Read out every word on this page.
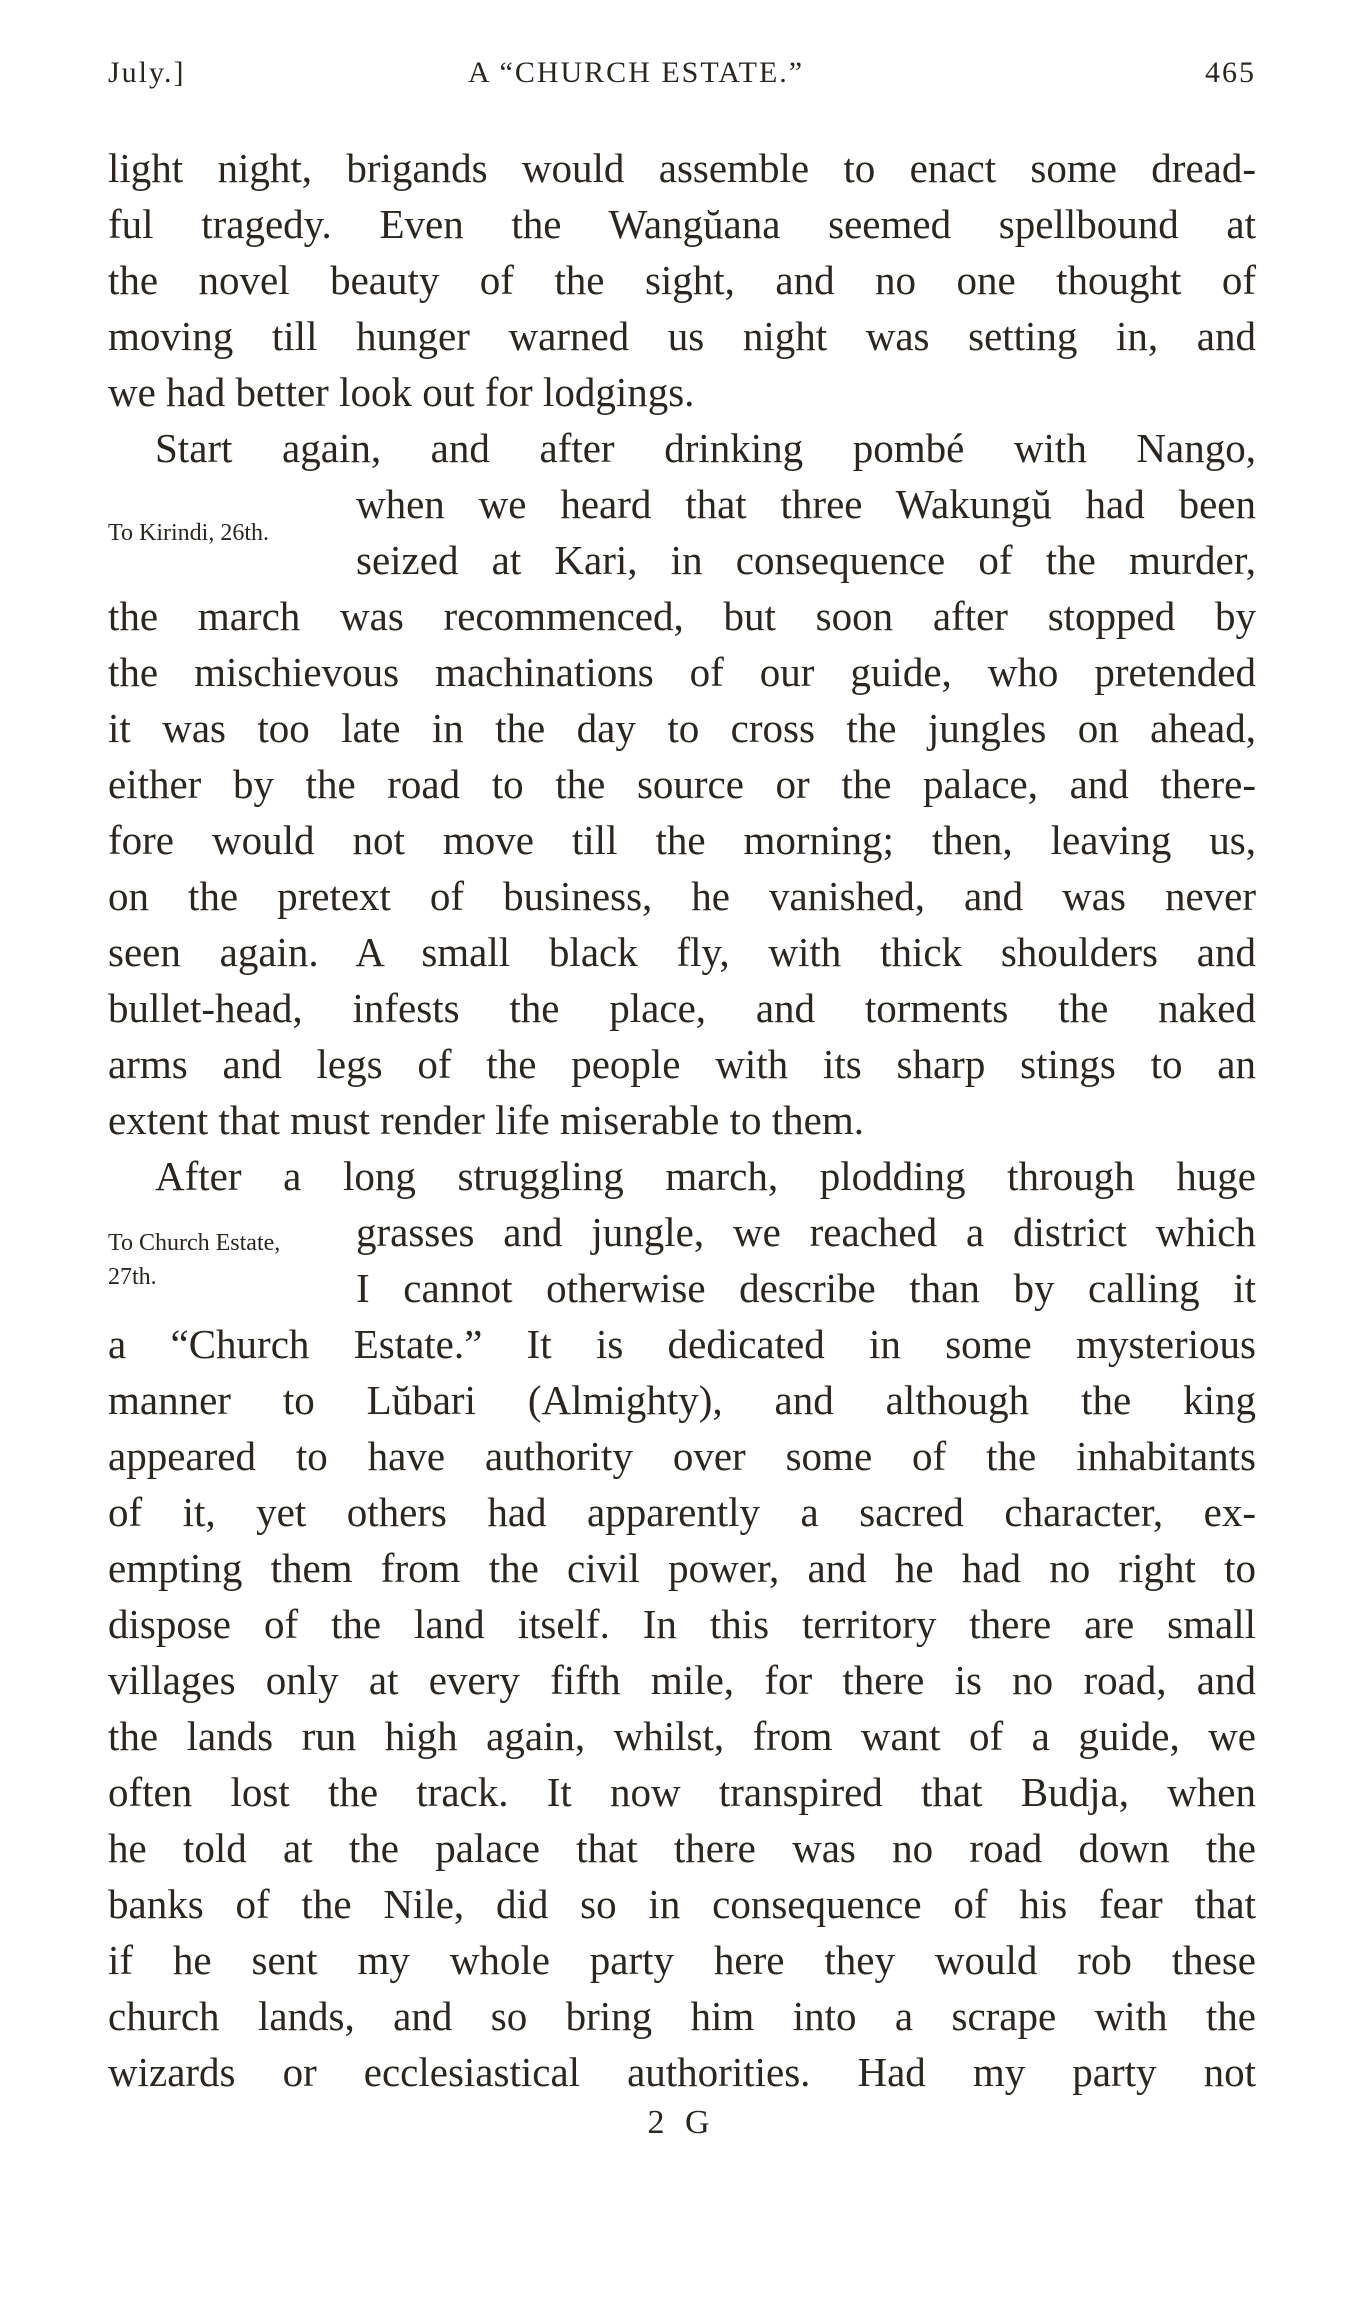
July.]	A “CHURCH ESTATE.”	465
light night, brigands would assemble to enact some dread-
ful tragedy. Even the Wangŭana seemed spellbound at
the novel beauty of the sight, and no one thought of
moving till hunger warned us night was setting in, and
we had better look out for lodgings.
Start again, and after drinking pombé with Nango,
when we heard that three Wakungŭ had been
To Kirindi, 26th.
seized at Kari, in consequence of the murder,
the march was recommenced, but soon after stopped by
the mischievous machinations of our guide, who pretended
it was too late in the day to cross the jungles on ahead,
either by the road to the source or the palace, and there-
fore would not move till the morning; then, leaving us,
on the pretext of business, he vanished, and was never
seen again. A small black fly, with thick shoulders and
bullet-head, infests the place, and torments the naked
arms and legs of the people with its sharp stings to an
extent that must render life miserable to them.
After a long struggling march, plodding through huge
To Church Estate, grasses and jungle, we reached a district which
27th.	I cannot otherwise describe than by calling it
a “Church Estate.” It is dedicated in some mysterious
manner to Lŭbari (Almighty), and although the king
appeared to have authority over some of the inhabitants
of it, yet others had apparently a sacred character, ex-
empting them from the civil power, and he had no right to
dispose of the land itself. In this territory there are small
villages only at every fifth mile, for there is no road, and
the lands run high again, whilst, from want of a guide, we
often lost the track. It now transpired that Budja, when
he told at the palace that there was no road down the
banks of the Nile, did so in consequence of his fear that
if he sent my whole party here they would rob these
church lands, and so bring him into a scrape with the
wizards or ecclesiastical authorities. Had my party not
2 G
